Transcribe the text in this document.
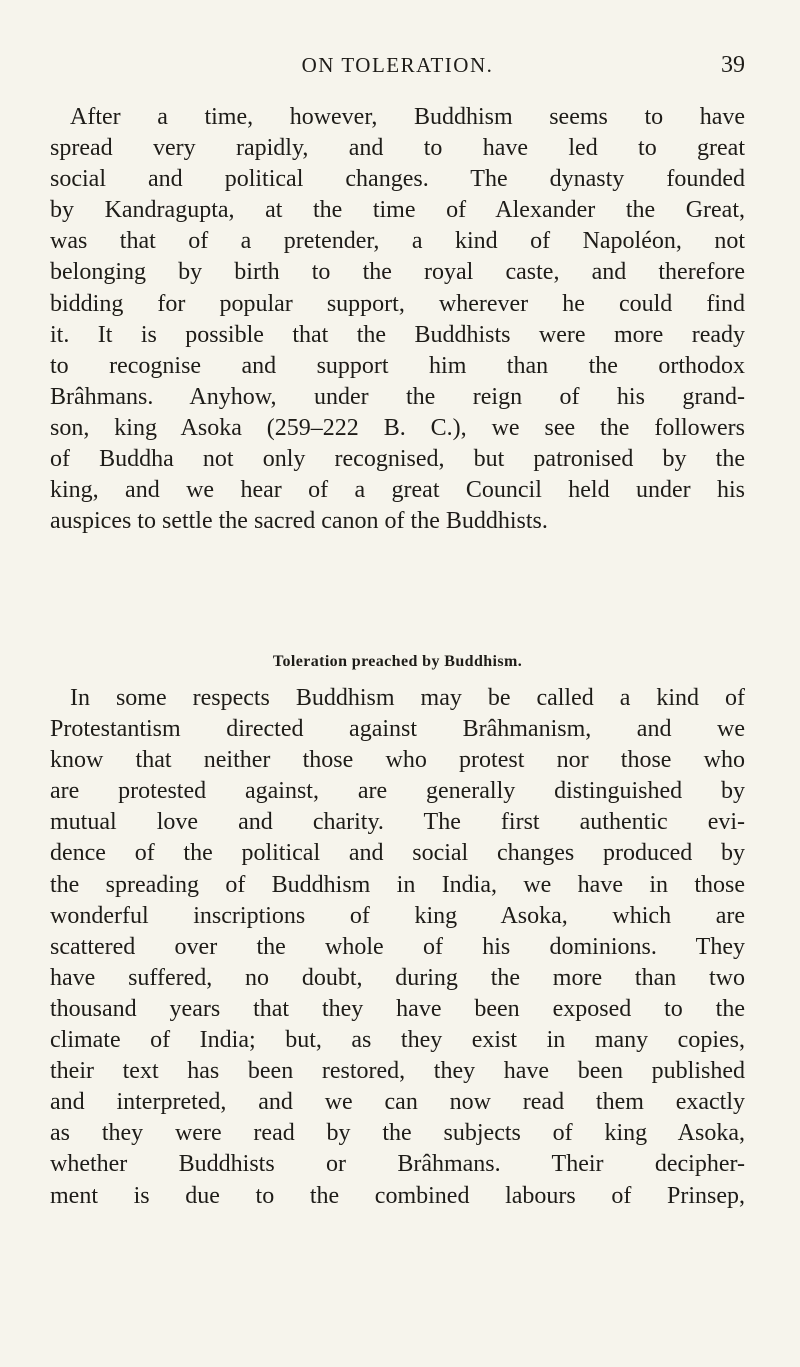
ON TOLERATION.	39
After a time, however, Buddhism seems to have
spread very rapidly, and to have led to great
social and political changes. The dynasty founded
by Kandragupta, at the time of Alexander the Great,
was that of a pretender, a kind of Napoléon, not
belonging by birth to the royal caste, and therefore
bidding for popular support, wherever he could find
it. It is possible that the Buddhists were more ready
to recognise and support him than the orthodox
Brâhmans. Anyhow, under the reign of his grand-
son, king Asoka (259–222 B. C.), we see the followers
of Buddha not only recognised, but patronised by the
king, and we hear of a great Council held under his
auspices to settle the sacred canon of the Buddhists.
Toleration preached by Buddhism.
In some respects Buddhism may be called a kind of
Protestantism directed against Brâhmanism, and we
know that neither those who protest nor those who
are protested against, are generally distinguished by
mutual love and charity. The first authentic evi-
dence of the political and social changes produced by
the spreading of Buddhism in India, we have in those
wonderful inscriptions of king Asoka, which are
scattered over the whole of his dominions. They
have suffered, no doubt, during the more than two
thousand years that they have been exposed to the
climate of India; but, as they exist in many copies,
their text has been restored, they have been published
and interpreted, and we can now read them exactly
as they were read by the subjects of king Asoka,
whether Buddhists or Brâhmans. Their decipher-
ment is due to the combined labours of Prinsep,
